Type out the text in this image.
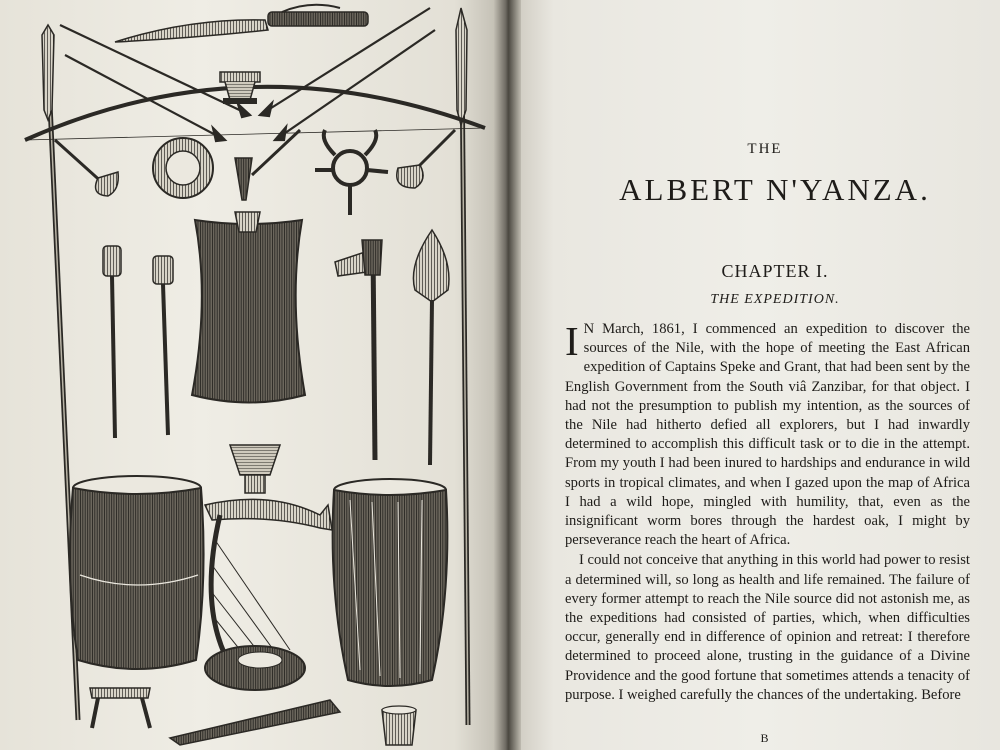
THE
ALBERT N'YANZA.
CHAPTER I.
THE EXPEDITION.

I N March, 1861, I commenced an expedition to discover the sources of the Nile, with the hope of meeting the East African expedition of Captains Speke and Grant, that had been sent by the English Government from the South viâ Zanzibar, for that object. I had not the presumption to publish my intention, as the sources of the Nile had hitherto defied all explorers, but I had inwardly determined to accomplish this difficult task or to die in the attempt. From my youth I had been inured to hardships and endurance in wild sports in tropical climates, and when I gazed upon the map of Africa I had a wild hope, mingled with humility, that, even as the insignificant worm bores through the hardest oak, I might by perseverance reach the heart of Africa.

I could not conceive that anything in this world had power to resist a determined will, so long as health and life remained. The failure of every former attempt to reach the Nile source did not astonish me, as the expeditions had consisted of parties, which, when difficulties occur, generally end in difference of opinion and retreat: I therefore determined to proceed alone, trusting in the guidance of a Divine Providence and the good fortune that sometimes attends a tenacity of purpose. I weighed carefully the chances of the undertaking. Before

B
